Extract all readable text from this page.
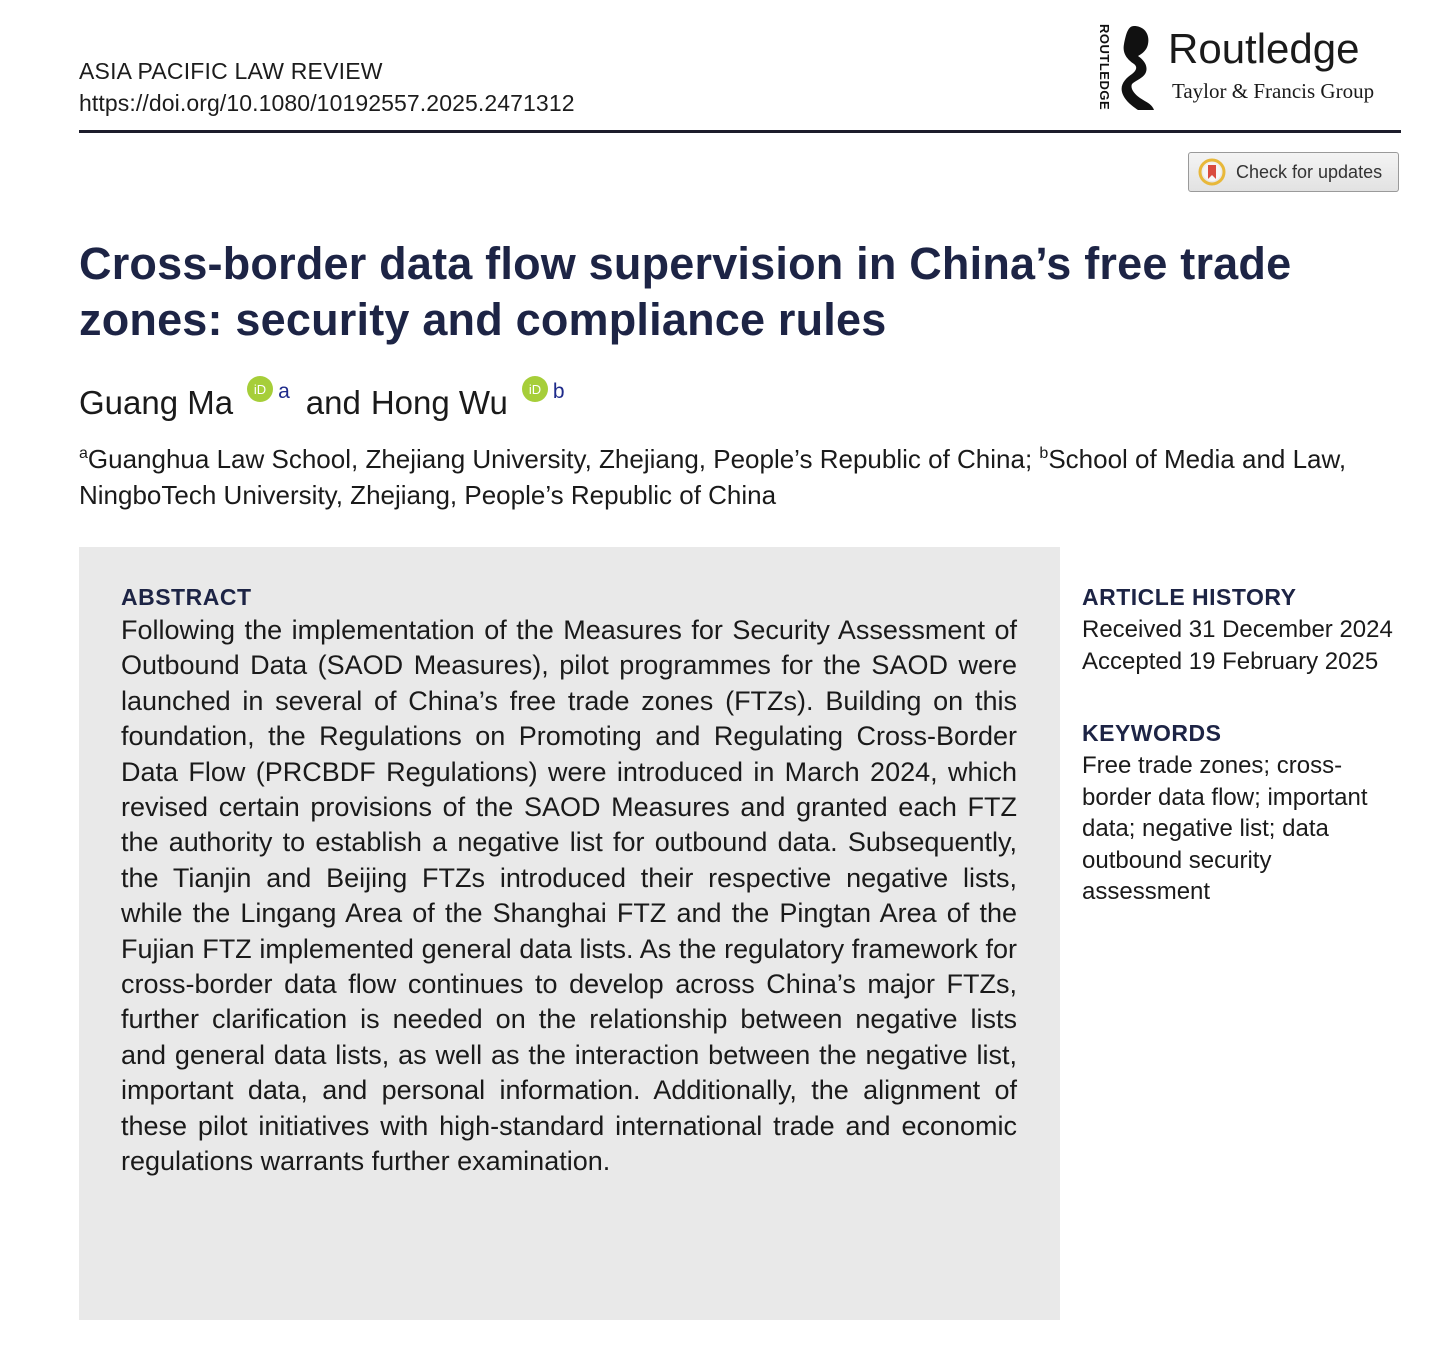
ASIA PACIFIC LAW REVIEW
https://doi.org/10.1080/10192557.2025.2471312	ROUTLEDGE Routledge
Taylor & Francis Group
Check for updates
Cross-border data flow supervision in China’s free trade zones: security and compliance rules
Guang Ma iD $^a$ and Hong Wu iD $^b$
$^a$Guanghua Law School, Zhejiang University, Zhejiang, People’s Republic of China; $^b$School of Media and Law, NingboTech University, Zhejiang, People’s Republic of China
ABSTRACT

Following the implementation of the Measures for Security Assessment of Outbound Data (SAOD Measures), pilot programmes for the SAOD were launched in several of China’s free trade zones (FTZs). Building on this foundation, the Regulations on Promoting and Regulating Cross-Border Data Flow (PRCBDF Regulations) were introduced in March 2024, which revised certain provisions of the SAOD Measures and granted each FTZ the authority to establish a negative list for outbound data. Subsequently, the Tianjin and Beijing FTZs introduced their respective negative lists, while the Lingang Area of the Shanghai FTZ and the Pingtan Area of the Fujian FTZ implemented general data lists. As the regulatory framework for cross-border data flow continues to develop across China’s major FTZs, further clarification is needed on the relationship between negative lists and general data lists, as well as the interaction between the negative list, important data, and personal information. Additionally, the alignment of these pilot initiatives with high-standard international trade and economic regulations warrants further examination.

ARTICLE HISTORY
Received 31 December 2024
Accepted 19 February 2025
KEYWORDS
Free trade zones; cross-border data flow; important data; negative list; data outbound security assessment
